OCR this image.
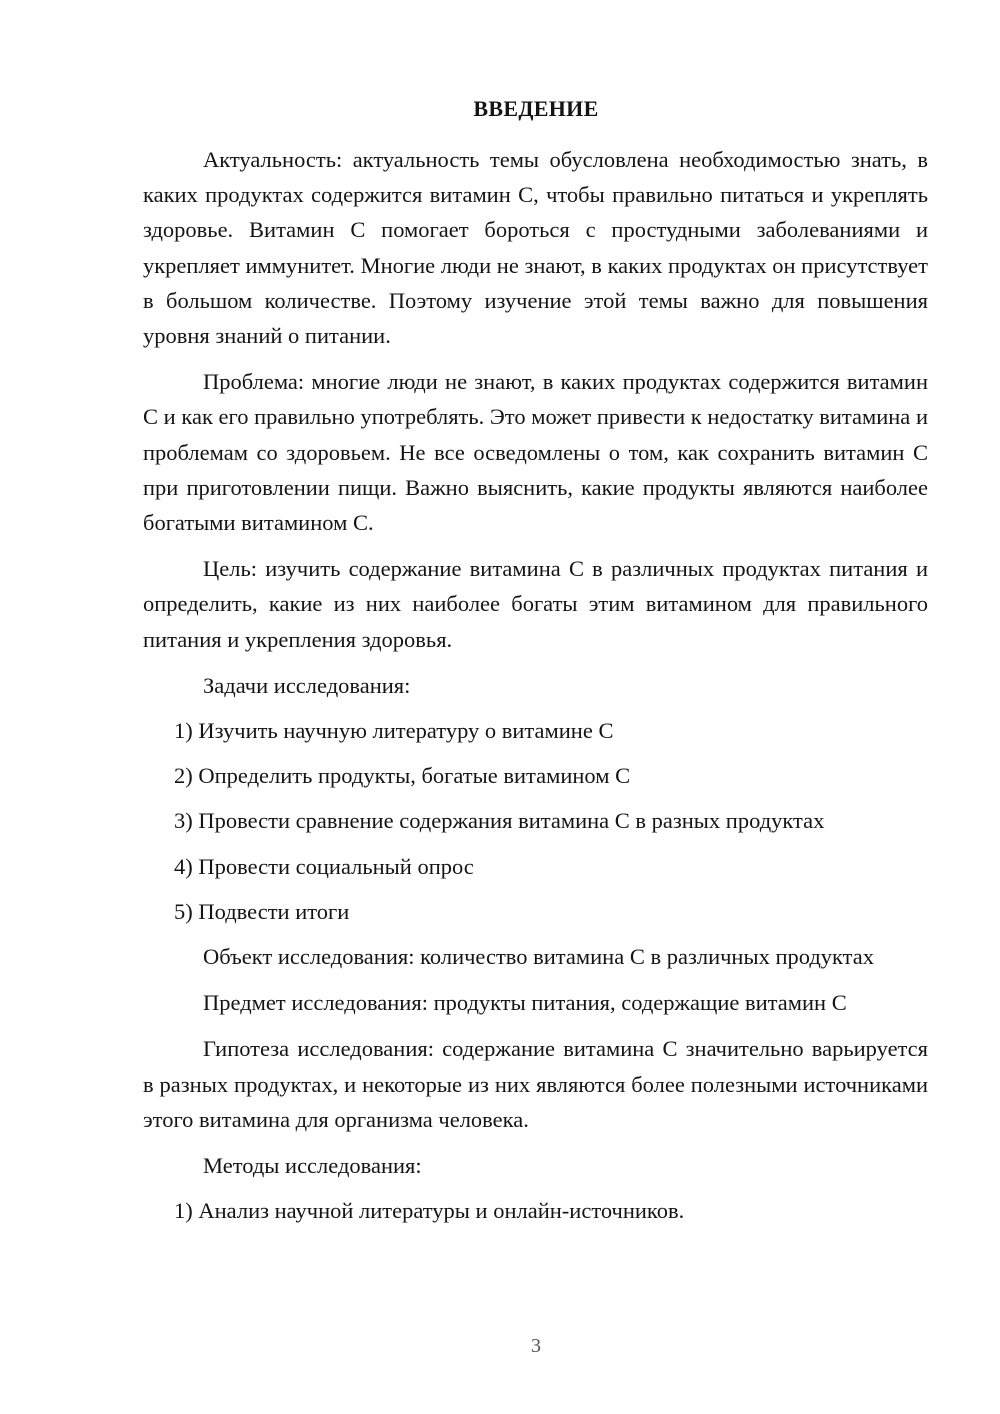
ВВЕДЕНИЕ

Актуальность: актуальность темы обусловлена необходимостью знать, в каких продуктах содержится витамин С, чтобы правильно питаться и укреплять здоровье. Витамин С помогает бороться с простудными заболеваниями и укрепляет иммунитет. Многие люди не знают, в каких продуктах он присутствует в большом количестве. Поэтому изучение этой темы важно для повышения уровня знаний о питании.

Проблема: многие люди не знают, в каких продуктах содержится витамин С и как его правильно употреблять. Это может привести к недостатку витамина и проблемам со здоровьем. Не все осведомлены о том, как сохранить витамин С при приготовлении пищи. Важно выяснить, какие продукты являются наиболее богатыми витамином С.

Цель: изучить содержание витамина С в различных продуктах питания и определить, какие из них наиболее богаты этим витамином для правильного питания и укрепления здоровья.

Задачи исследования:

1) Изучить научную литературу о витамине С

2) Определить продукты, богатые витамином С

3) Провести сравнение содержания витамина С в разных продуктах

4) Провести социальный опрос

5) Подвести итоги

Объект исследования: количество витамина С в различных продуктах

Предмет исследования: продукты питания, содержащие витамин С

Гипотеза исследования: содержание витамина С значительно варьируется в разных продуктах, и некоторые из них являются более полезными источниками этого витамина для организма человека.

Методы исследования:

1) Анализ научной литературы и онлайн-источников.

3
